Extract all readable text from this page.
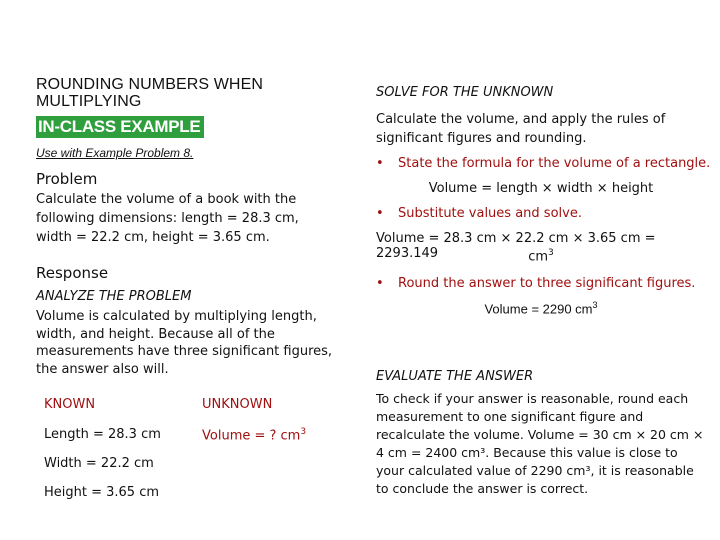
ROUNDING NUMBERS WHEN MULTIPLYING
IN-CLASS EXAMPLE
Use with Example Problem 8.
Problem
Calculate the volume of a book with the following dimensions: length = 28.3 cm, width = 22.2 cm, height = 3.65 cm.
Response
ANALYZE THE PROBLEM
Volume is calculated by multiplying length, width, and height. Because all of the measurements have three significant figures, the answer also will.
KNOWN	UNKNOWN
Length = 28.3 cm	Volume = ? $cm^3$
Width = 22.2 cm
Height = 3.65 cm
SOLVE FOR THE UNKNOWN
Calculate the volume, and apply the rules of significant figures and rounding.
• State the formula for the volume of a rectangle.
Volume = length × width × height
• Substitute values and solve.
Volume = 28.3 cm × 22.2 cm × 3.65 cm = 2293.149	$cm^3$
• Round the answer to three significant figures.
Volume = 2290 $cm^3$
EVALUATE THE ANSWER
To check if your answer is reasonable, round each measurement to one significant figure and recalculate the volume. Volume = 30 cm × 20 cm × 4 cm = 2400 cm³. Because this value is close to your calculated value of 2290 cm³, it is reasonable to conclude the answer is correct.
